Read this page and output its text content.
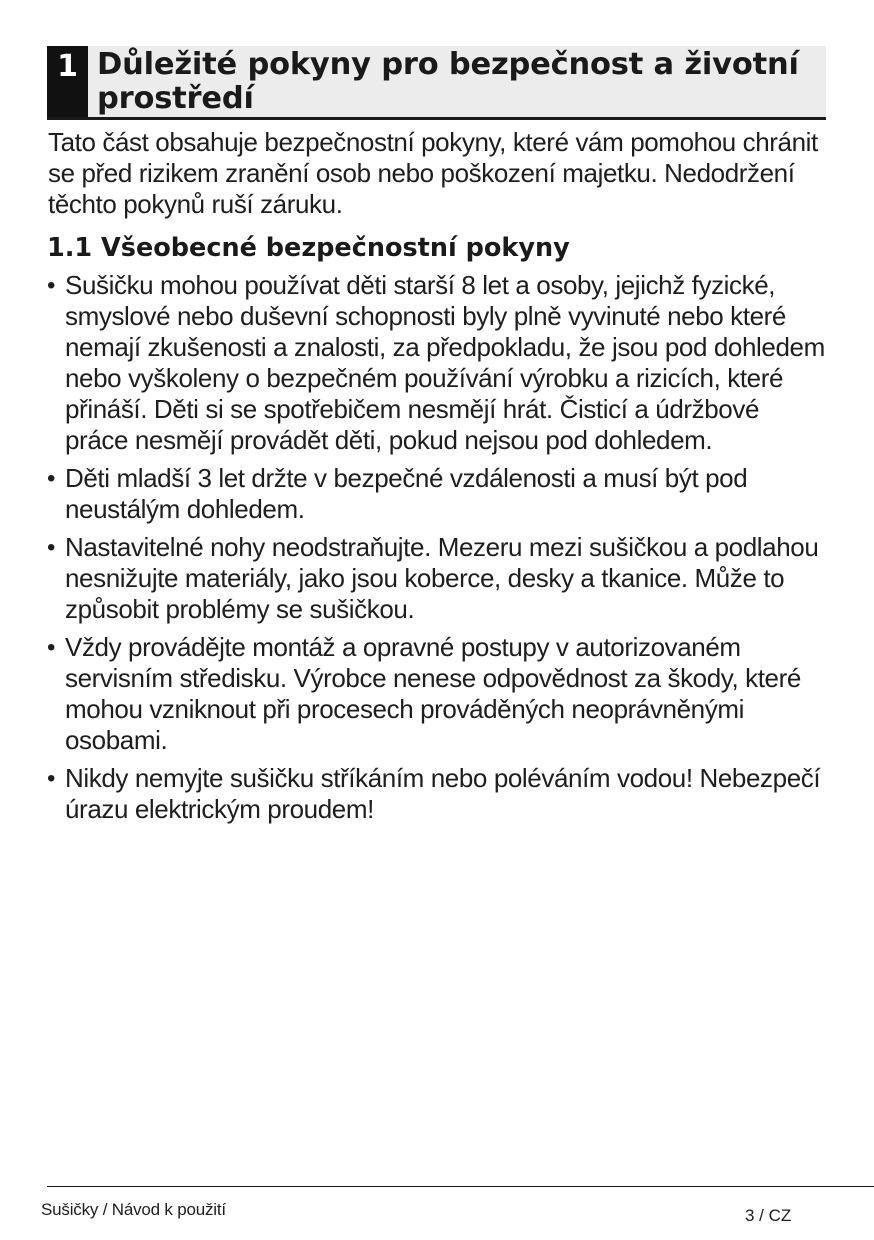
1 Důležité pokyny pro bezpečnost a životní prostředí

Tato část obsahuje bezpečnostní pokyny, které vám pomohou chránit se před rizikem zranění osob nebo poškození majetku. Nedodržení těchto pokynů ruší záruku.

1.1 Všeobecné bezpečnostní pokyny
• Sušičku mohou používat děti starší 8 let a osoby, jejichž fyzické, smyslové nebo duševní schopnosti byly plně vyvinuté nebo které nemají zkušenosti a znalosti, za předpokladu, že jsou pod dohledem nebo vyškoleny o bezpečném používání výrobku a rizicích, které přináší. Děti si se spotřebičem nesmějí hrát. Čisticí a údržbové práce nesmějí provádět děti, pokud nejsou pod dohledem.
• Děti mladší 3 let držte v bezpečné vzdálenosti a musí být pod neustálým dohledem.
• Nastavitelné nohy neodstraňujte. Mezeru mezi sušičkou a podlahou nesnižujte materiály, jako jsou koberce, desky a tkanice. Může to způsobit problémy se sušičkou.
• Vždy provádějte montáž a opravné postupy v autorizovaném servisním středisku. Výrobce nenese odpovědnost za škody, které mohou vzniknout při procesech prováděných neoprávněnými osobami.
• Nikdy nemyjte sušičku stříkáním nebo poléváním vodou! Nebezpečí úrazu elektrickým proudem!
Sušičky / Návod k použití	3 / CZ
